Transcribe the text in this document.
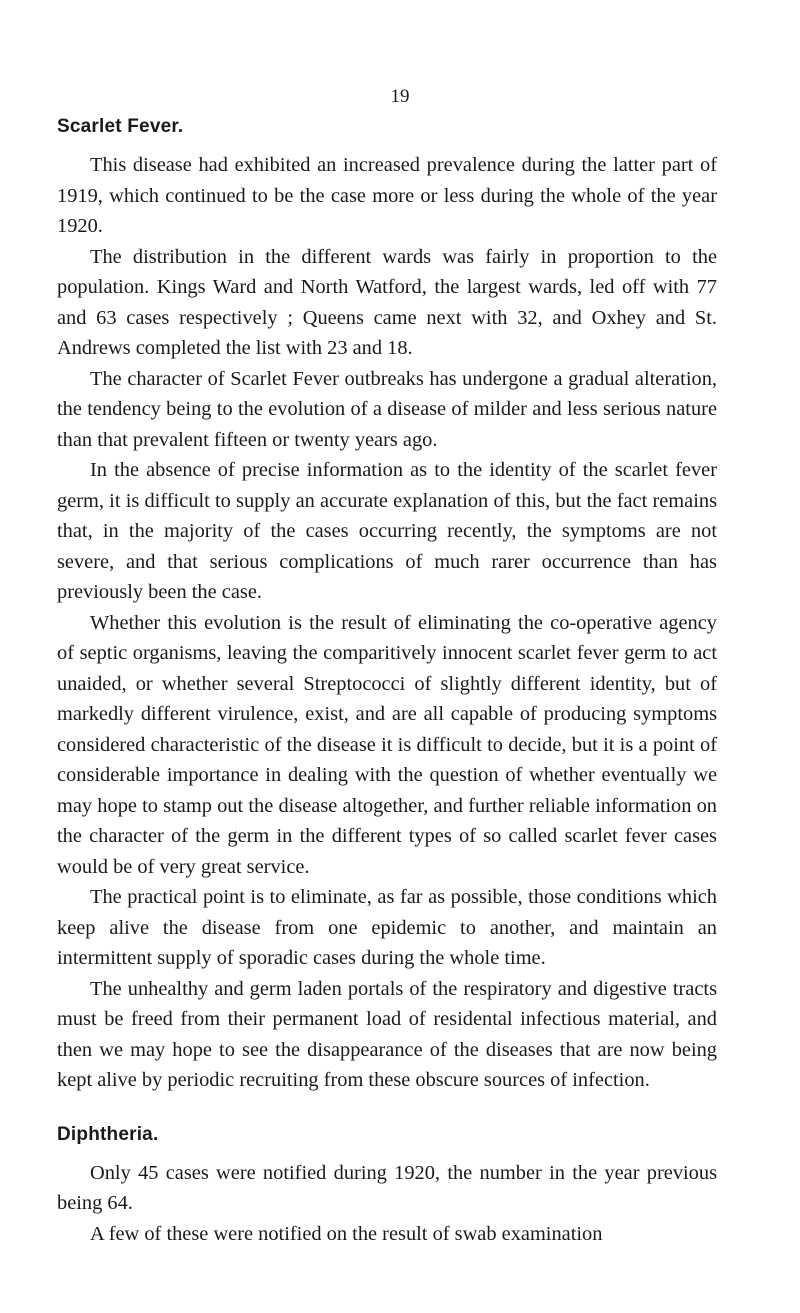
19
Scarlet Fever.

This disease had exhibited an increased prevalence during the latter part of 1919, which continued to be the case more or less during the whole of the year 1920.

The distribution in the different wards was fairly in proportion to the population. Kings Ward and North Watford, the largest wards, led off with 77 and 63 cases respectively ; Queens came next with 32, and Oxhey and St. Andrews completed the list with 23 and 18.

The character of Scarlet Fever outbreaks has undergone a gradual alteration, the tendency being to the evolution of a disease of milder and less serious nature than that prevalent fifteen or twenty years ago.

In the absence of precise information as to the identity of the scarlet fever germ, it is difficult to supply an accurate explanation of this, but the fact remains that, in the majority of the cases occurring recently, the symptoms are not severe, and that serious complications of much rarer occurrence than has previously been the case.

Whether this evolution is the result of eliminating the co-operative agency of septic organisms, leaving the comparitively innocent scarlet fever germ to act unaided, or whether several Streptococci of slightly different identity, but of markedly different virulence, exist, and are all capable of producing symptoms considered characteristic of the disease it is difficult to decide, but it is a point of considerable importance in dealing with the question of whether eventually we may hope to stamp out the disease altogether, and further reliable information on the character of the germ in the different types of so called scarlet fever cases would be of very great service.

The practical point is to eliminate, as far as possible, those conditions which keep alive the disease from one epidemic to another, and maintain an intermittent supply of sporadic cases during the whole time.

The unhealthy and germ laden portals of the respiratory and digestive tracts must be freed from their permanent load of residental infectious material, and then we may hope to see the disappearance of the diseases that are now being kept alive by periodic recruiting from these obscure sources of infection.

Diphtheria.

Only 45 cases were notified during 1920, the number in the year previous being 64.

A few of these were notified on the result of swab examination
